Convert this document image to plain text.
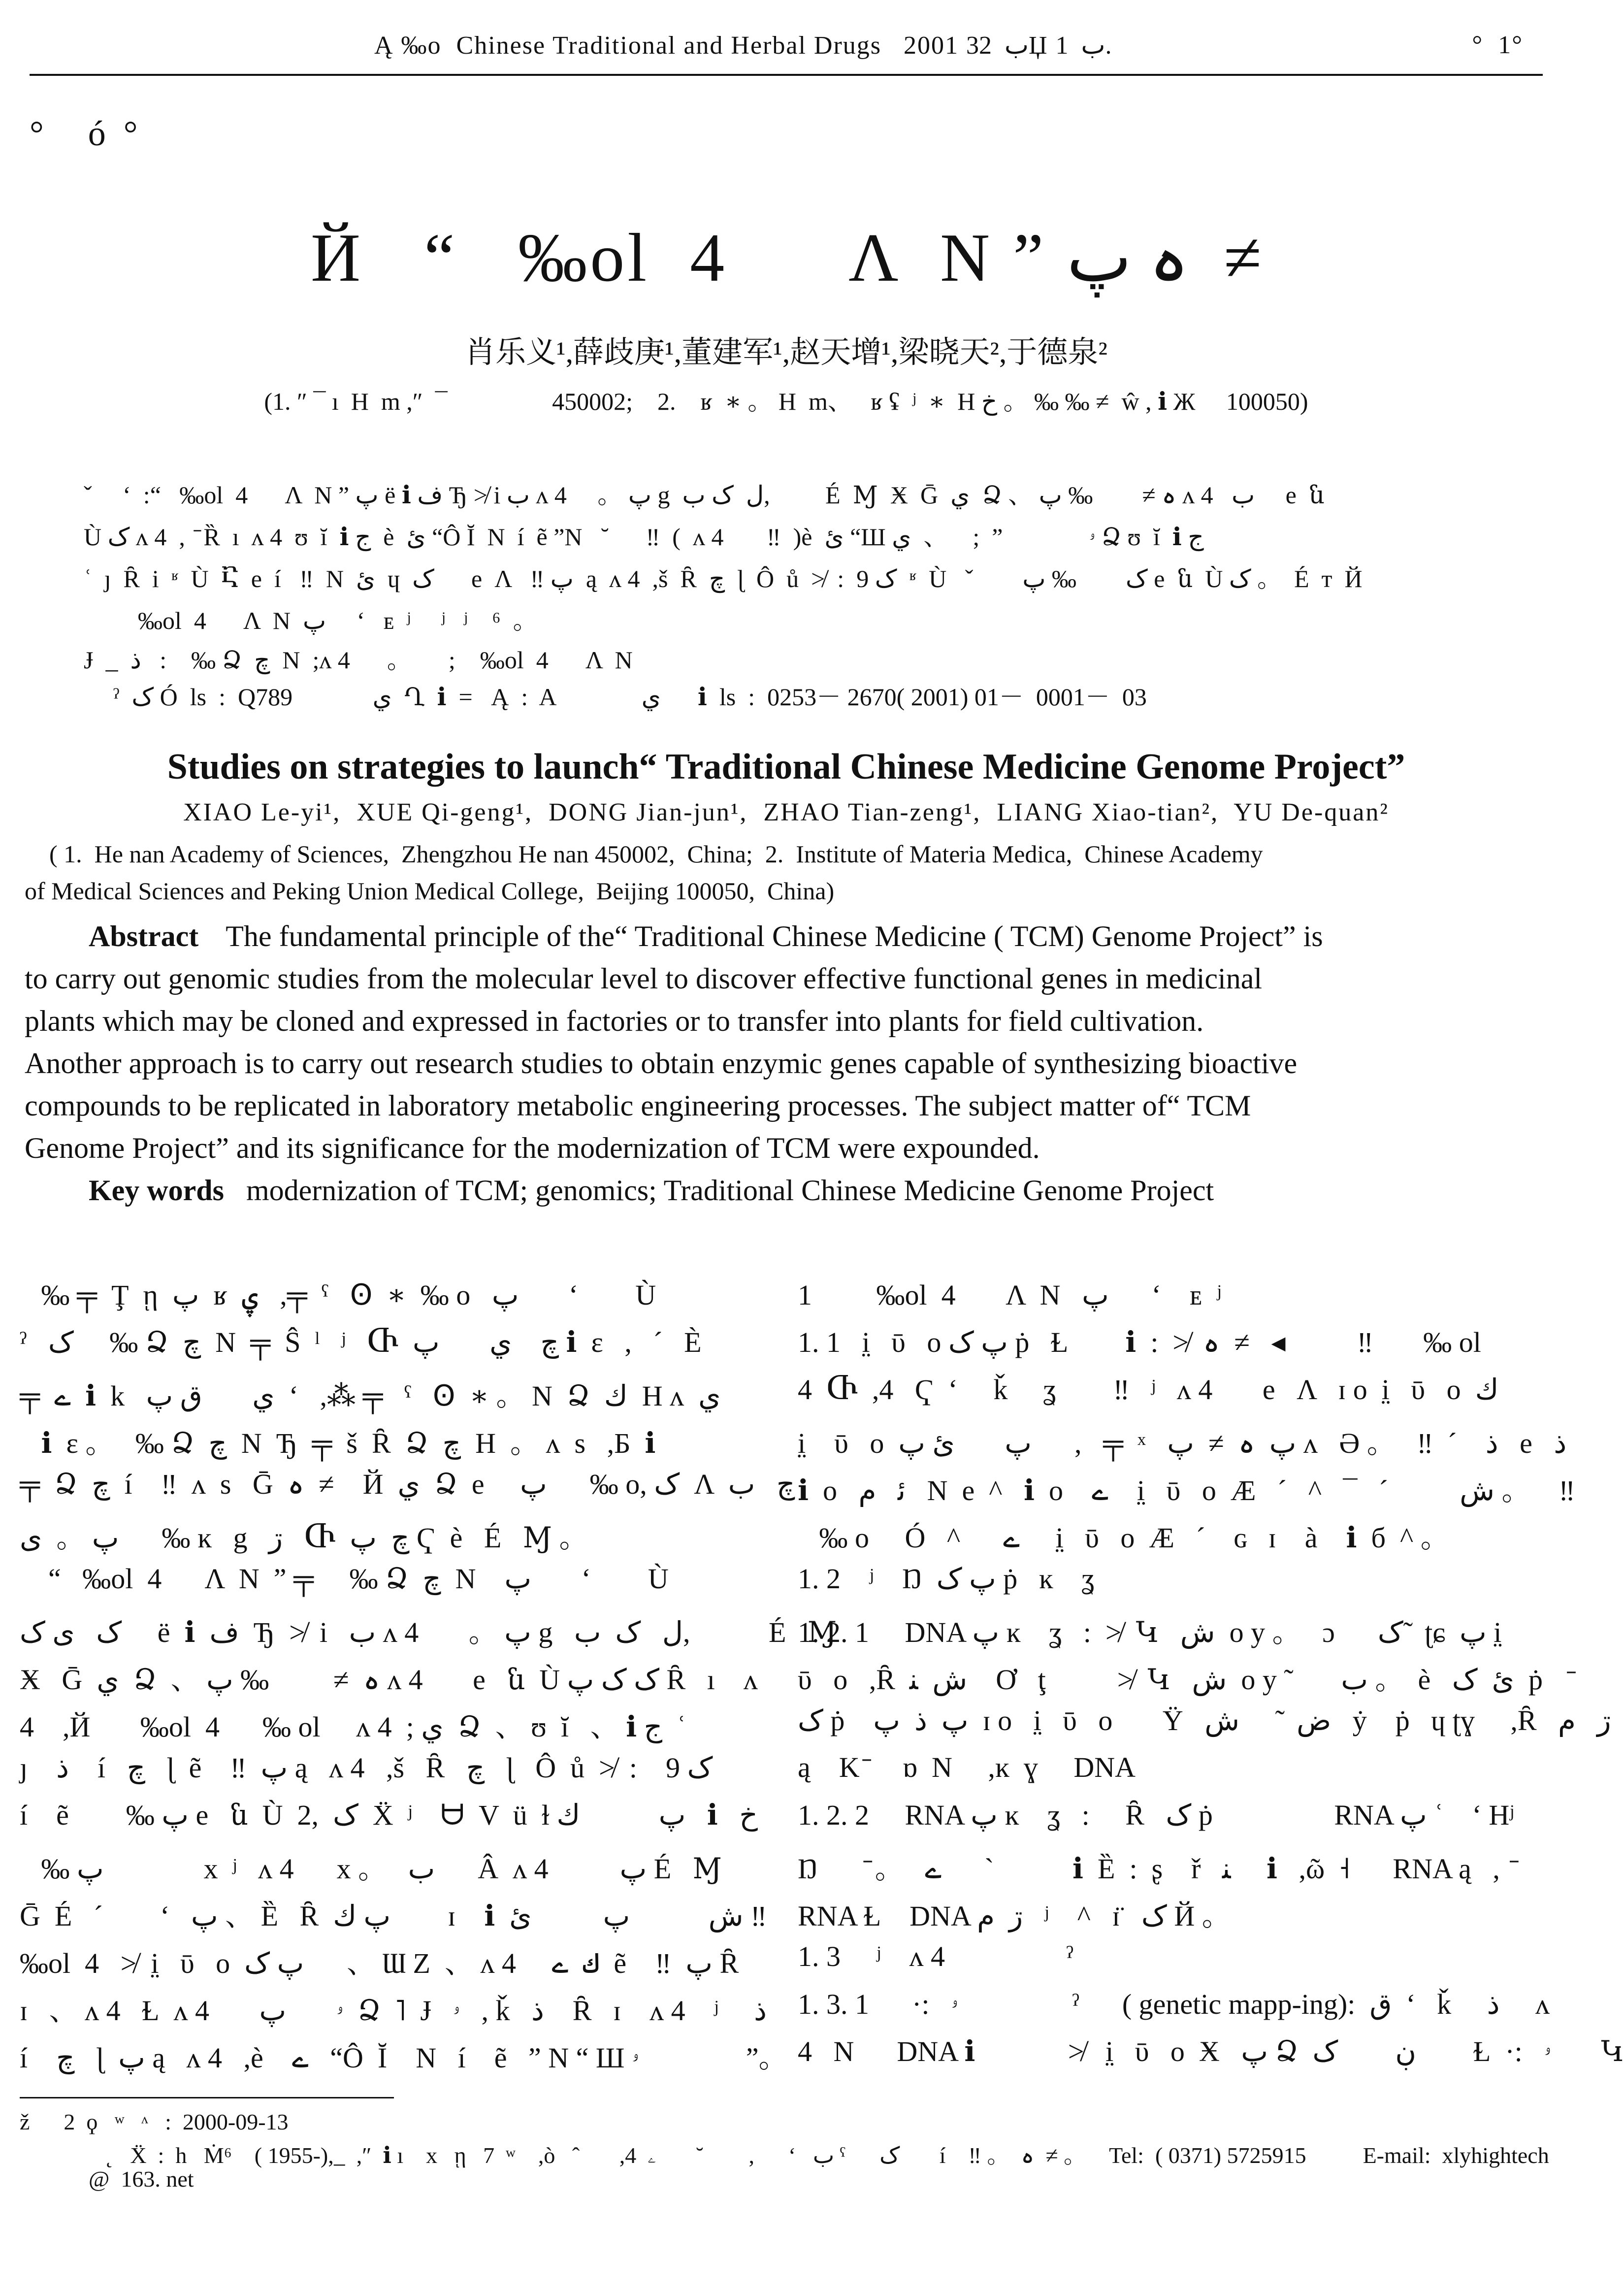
Ą ‰o  Chinese Traditional and Herbal Drugs   2001 ب  32Џ ب  1.	°  1°
°     ó  °
Й   “   ‰ol  4      Λ  Ν ” ہ پ  ≠
肖乐义¹,薛歧庚¹,董建军¹,赵天增¹,梁晓天²,于德泉²
(1. ″ ¯ ı  H  m ,″  ¯                 450002;    2.    ʁ  ∗ 。 H  m、   ʁ ʢ  ʲ  ∗  H خ 。 ‰ ‰ ≠  ŵ , ℹ Ж     100050)
ˇ     ʻ  :“   ‰ol  4      Λ  Ν ” پ ë ℹ ف Ђ ≯ i ب ʌ 4     。 پ g  ل  ک ب,         É  Ɱ  Ӿ  Ḡ  ي  Ձ 、 ہ ≠        ‰ پ ʌ 4   ب     e  ն
Ù ک ʌ 4  ,  ̄ Ȑ  ı  ʌ 4  ʊ  ĭ  ℹ ج  è  ئ “Ô Ĭ  Ν  í  ẽ ”Ν   ˘      ‼  (  ʌ 4       ‼  )è  ئ “Ш ۥ              ”  ;    、  ي Ձ ʊ  ĭ  ℹ ج
ʿ  ȷ  Ȓ  i  ʶ  Ù  Ⴀ  e  í   ‼  Ν  ئ  ɥ  ک      e  Λ   ‼ پ  ą  ʌ 4  ,š  Ȓ  چ  ɭ  Ô  ů  ≯  :  ک 9  ʶ  Ù   ˇ        ک        ‰ پ e  ն  Ù ک 。  É  ᴛ  Й
‰ol  4      Λ  Ν  پ     ʻ   ᴇ  ʲ     ʲ   ʲ    ⁶  。
Ɉ  _  ذ   :    ‰ Ձ  چ  Ν  ;ʌ 4      。      ;    ‰ol  4      Λ  Ν
ˀ  ک Ó  ls  :  Q789             ي  Ղ  ℹ  =   Ą  :  A              ي      ℹ  ls  :  0253－ 2670( 2001) 01－  0001－  03
Studies on strategies to launch“ Traditional Chinese Medicine Genome Project”
XIAO Le-yi¹,  XUE Qi-geng¹,  DONG Jian-jun¹,  ZHAO Tian-zeng¹,  LIANG Xiao-tian²,  YU De-quan²
( 1.  He nan Academy of Sciences,  Zhengzhou He nan 450002,  China;  2.  Institute of Materia Medica,  Chinese Academy
of Medical Sciences and Peking Union Medical College,  Beijing 100050,  China)
Abstract The fundamental principle of the“ Traditional Chinese Medicine ( TCM) Genome Project” is
to carry out genomic studies from the molecular level to discover effective functional genes in medicinal
plants which may be cloned and expressed in factories or to transfer into plants for field cultivation.
Another approach is to carry out research studies to obtain enzymic genes capable of synthesizing bioactive
compounds to be replicated in laboratory metabolic engineering processes. The subject matter of“ TCM
Genome Project” and its significance for the modernization of TCM were expounded.
Key words modernization of TCM; genomics; Traditional Chinese Medicine Genome Project
‰ ╤  Ţ  ῃ  پ  ʁ  ۑ   ,╤  ˁ   Ꙩ  ∗  ‰ o   پ       ʻ        Ù
ˀ   ک     ‰ Ձ  چ  Ν  ╤  Ŝ  ˡ   ʲ   Ⴇ  چ    ي       پ ℹ  ɛ   ,   ˊ   È
╤  ے  ℹ  k   ي       ق پ  ʻ   ,⁂ ╤   ˁ   Ꙩ  ∗ 。 Ν  Ձ  ك  H ʌ  ي
ℹ  ɛ 。   ‰ Ձ  چ  Ν  Ђ  ╤  š  Ȓ  Ձ  چ  H  。 ʌ  s   ,Б  ℹ
╤  Ձ  چ  í    ‼  ʌ  s   Ḡ  ہ  ≠    Й  ي  Ձ  e     پ      ‰ o, ک  Λ  چ   ب
پ 。  ی      ‰ ĸ   g   ڗ   Ⴇ  چ  پ Ҁ  è   É   Ɱ 。
“   ‰ol  4      Λ  Ν  ” ╤     ‰ Ձ  چ  Ν    پ       ʻ        Ù
ک   ی ک     ë  ℹ  ف  Ђ  ≯  i   ب ʌ 4       。 پ g   ل   ک  ب,           É   Ɱ
Ӿ   Ḡ  ي  Ձ  、 ہ  ≠         ‰ پ ʌ 4       e   ն  Ù ک ک پ Ȓ   ı    ʌ
4    ,Й       ‰ol  4      ‰ ol     ʌ 4  ; ي  Ձ  、 ʊ  ĭ   、 ℹ ج  ʿ
ȷ    ذ    í   چ   ɭ  ẽ    ‼  پ ą   ʌ 4   ,š   Ȓ   چ   ɭ   Ô  ů  ≯  :    ک 9
í    ẽ        ‰ پ e   ն  Ù  ک  ,2  Ẍ  ʲ    ᗨ  V  ü  ɫ پ           ك   ℹ   خ
‰ پ              x  ʲ   ʌ 4      x 。   ب      Â  ʌ 4          پ É   Ɱ
Ḡ  É   ˊ        ʻ   پ 、 Ȅ   Ȓ  پ ك        ɪ    ℹ  ش           پ          ئ ‼
‰ol  4   ≯  i̤   ῡ   o  پ ک      、 Ɯ Z  、 ʌ 4     ك  ے  ẽ    ‼  پ Ȓ
ɪ   、 ʌ 4   Ɫ  ʌ 4       ۥ       پ  Ձ  ˥  Ɉ   ۥ   , ǩ   ذ    Ȓ   ɪ    ʌ 4    ʲ     ذ
í    چ   ɭ  پ ą   ʌ 4   ,è    ے   “Ô  Ĭ    Ν   í    ẽ   ” Ν “ Ш ۥ               ”。
1         ‰ol  4       Λ  Ν   پ      ʻ    ᴇ  ʲ
1. 1   i̤   ῡ   o پ ک ṗ   Ɫ        ℹ  :  ≯  ہ  ≠   ◂          ‼       ‰ ol
4  Ⴇ  ,4   Ҁ  ʻ     ǩ     ʓ        ‼   ʲ   ʌ 4       e   Λ   ɪ o  i̤   ῡ   o  ك
i̤    ῡ   o  پ       ئ پ      ,   ╤  ˣ   پ  ہ  ≠  پ ʌ   Ә 。   ‼  ˊ    ذ   e   ذ
ℹ  o   ﺋ   ﻡ   Ν  e  ^   ℹ  o    ے    i̤   ῡ   o  Æ   ˊ   ^   ¯   ˊ          ش 。    ‼
‰ o     Ó   ^      ے     i̤   ῡ   o  Æ   ˊ    ɢ   ɪ    à    ℹ  б  ^ 。
1. 2    ʲ    Ŋ  پ ک ṗ   ĸ    ʓ
1. 2. 1     DNA پ ĸ    ʓ   :  ≯  Կ   ش  o y 。   ɔ      ک ̃  ʈɕ  پ i̤
ῡ   o   ,Ȓ  ش  ﻨ    Ơ   ţ          ≯  Կ   ش  o y ̃        ب 。  è   ئ  ک  ṗ    ̄
ک ṗ    پ  ذ  پ  ɪ o   i̤   ῡ   o       Ÿ   ض   ̃     ش   ẏ    ṗ   ɥ ʈɣ     ,Ȓ   ڗ   م
ą    K ̄     ɒ  Ν     ,ĸ  ɣ     DNA
1. 2. 2     RNA پ ĸ    ʓ   :     Ȓ   ک ṗ                 RNA پ ʿ    ʻ Hʲ
Ŋ       ̄ 。   ے      ˋ           ℹ  Ȅ  :  ʂ    ř   ﻨ     ℹ   ,ῶ  ˧      RNA ą   ,  ̄
RNA Ɫ    DNA ڗ  م   ʲ    ^   ɪ̈   ک Й 。
1. 3     ʲ    ʌ 4                 ˀ
1. 3. 1      ·:   ۥ                ˀ      ( genetic mapp-ing):  ق  ʻ   ǩ     ذ     ʌ
4   Ν      DNA ℹ             ≯   i̤   ῡ   o  Ӿ   پ Ձ  ڹ        ک        Ɫ  ·:   ۥ       Կ
ž      2  ϙ   ʷ   ᶺ   :  2000-09-13
˛   Ẍ  :  h   Ṁ⁶    ( 1955-), ̲   ,″  ℹ ı    x   ῃ   7  ʷ    ,ò   ˆ       ,4  ۦ       ˘        ,      ʻ   ب ˁ      ک       í    ‼ 。  ہ  ≠ 。    Tel:  ( 0371) 5725915          E-mail:  xlyhightech
@  163. net
